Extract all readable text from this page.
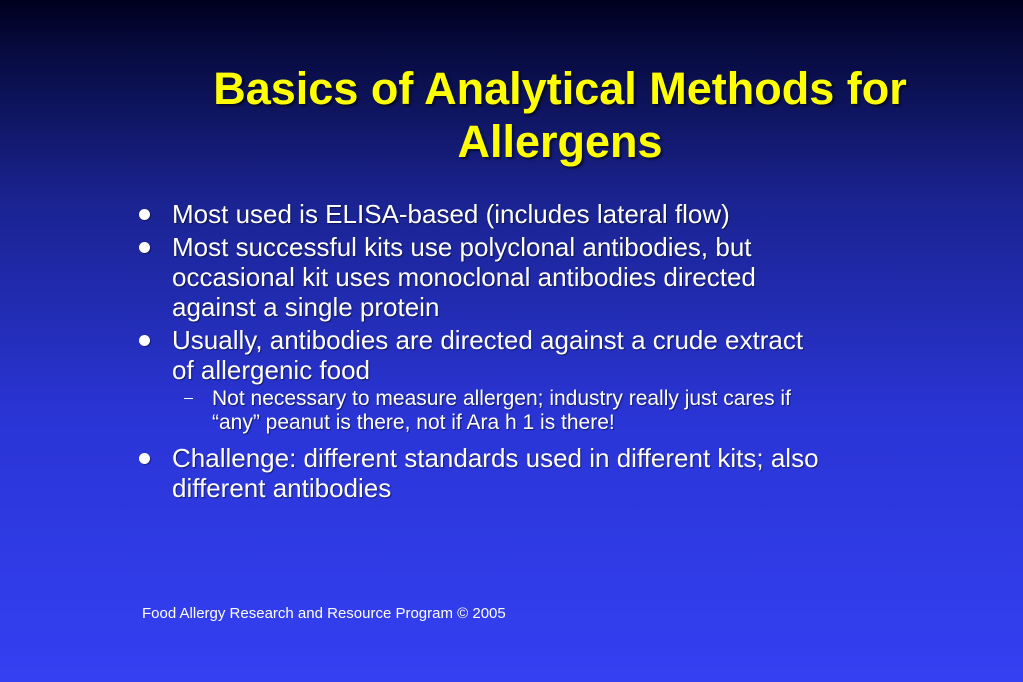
Basics of Analytical Methods for
Allergens
Most used is ELISA-based (includes lateral flow)
Most successful kits use polyclonal antibodies, but
occasional kit uses monoclonal antibodies directed
against a single protein
Usually, antibodies are directed against a crude extract
of allergenic food
Not necessary to measure allergen; industry really just cares if
“any” peanut is there, not if Ara h 1 is there!
Challenge: different standards used in different kits; also
different antibodies
Food Allergy Research and Resource Program © 2005
